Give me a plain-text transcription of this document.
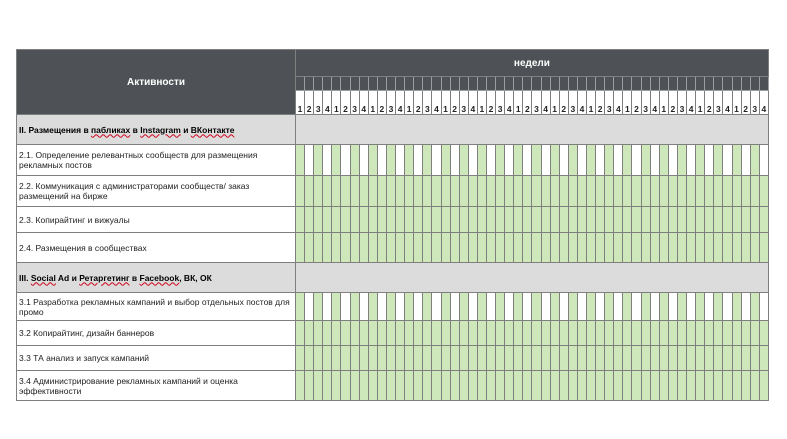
Активности	недели																																																			

	1	2	3	4	1	2	3	4	1	2	3	4	1	2	3	4	1	2	3	4	1	2	3	4	1	2	3	4	1	2	3	4	1	2	3	4	1	2	3	4	1	2	3	4	1	2	3	4	1	2	3	4
II. Размещения в пабликах в Instagram и ВКонтакте																																																				
2.1. Определение релевантных сообществ для размещения рекламных постов																																																				
2.2. Коммуникация с администраторами сообществ/ заказ размещений на бирже																																																				
2.3. Копирайтинг и вижуалы																																																				
2.4. Размещения в сообществах																																																				
III. Social Ad и Ретаргетинг в Facebook, ВК, ОК																																																				
3.1 Разработка рекламных кампаний и выбор отдельных постов для промо																																																				
3.2 Копирайтинг, дизайн баннеров																																																				
3.3 ТА анализ и запуск кампаний																																																				
3.4 Администрирование рекламных кампаний и оценка эффективности																																																				
